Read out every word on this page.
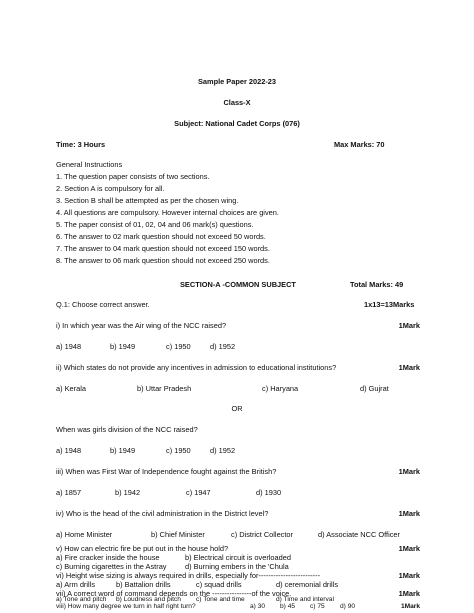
Sample Paper 2022-23
Class-X
Subject: National Cadet Corps (076)
Time: 3 Hours	Max Marks: 70
General Instructions
1. The question paper consists of two sections.
2. Section A is compulsory for all.
3. Section B shall be attempted as per the chosen wing.
4. All questions are compulsory. However internal choices are given.
5. The paper consist of 01, 02, 04 and 06 mark(s) questions.
6. The answer to 02 mark question should not exceed 50 words.
7. The answer to 04 mark question should not exceed 150 words.
8. The answer to 06 mark question should not exceed 250 words.
SECTION-A -COMMON SUBJECT	Total Marks: 49
Q.1: Choose correct answer.	1x13=13Marks
i) In which year was the Air wing of the NCC raised?	1Mark
a) 1948	b) 1949	c) 1950	d) 1952
ii) Which states do not provide any incentives in admission to educational institutions?	1Mark
a) Kerala	b) Uttar Pradesh	c) Haryana	d) Gujrat
OR
When was girls division of the NCC raised?
a) 1948	b) 1949	c) 1950	d) 1952
iii) When was First War of Independence fought against the British?	1Mark
a) 1857	b) 1942	c) 1947	d) 1930
iv) Who is the head of the civil administration in the District level?	1Mark
a) Home Minister	b) Chief Minister	c) District Collector	d) Associate NCC Officer
v) How can electric fire be put out in the house hold?	1Mark
a) Fire cracker inside the house	b) Electrical circuit is overloaded
c) Burning cigarettes in the Astray d) Burning embers in the 'Chula
vi) Height wise sizing is always required in drills, especially for-------------------------	1Mark
a) Arm drills	b) Battalion drills	c) squad drills	d) ceremonial drills
vii) A correct word of command depends on the ----------------of the voice.	1Mark
a) Tone and pitch b) Loudness and pitch c) Tone and time	d) Time and interval
viii) How many degree we turn in half right turn?	1Mark
a) 30 b) 45 c) 75 d) 90
